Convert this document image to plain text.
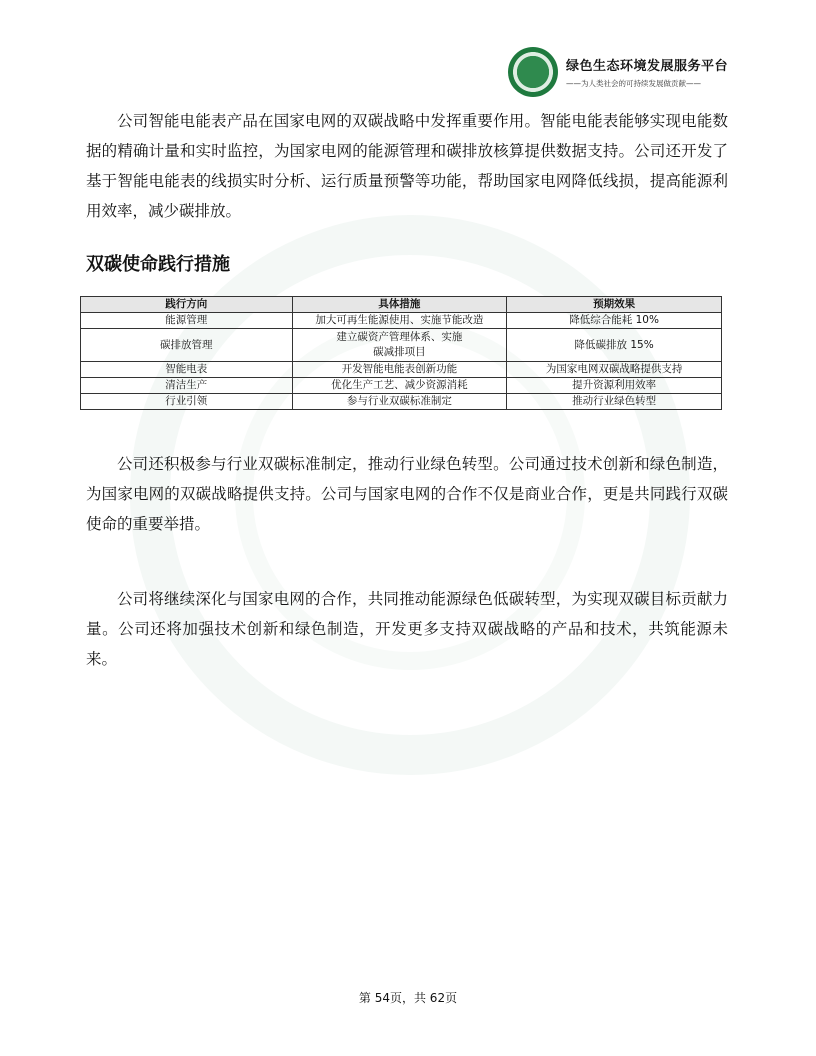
绿色生态环境发展服务平台
——为人类社会的可持续发展做贡献——

公司智能电能表产品在国家电网的双碳战略中发挥重要作用。智能电能表能够实现电能数据的精确计量和实时监控，为国家电网的能源管理和碳排放核算提供数据支持。公司还开发了基于智能电能表的线损实时分析、运行质量预警等功能，帮助国家电网降低线损，提高能源利用效率，减少碳排放。

双碳使命践行措施
践行方向	具体措施	预期效果
能源管理	加大可再生能源使用、实施节能改造	降低综合能耗 10%
碳排放管理	建立碳资产管理体系、实施碳减排项目	降低碳排放 15%
智能电表	开发智能电能表创新功能	为国家电网双碳战略提供支持
清洁生产	优化生产工艺、减少资源消耗	提升资源利用效率
行业引领	参与行业双碳标准制定	推动行业绿色转型

公司还积极参与行业双碳标准制定，推动行业绿色转型。公司通过技术创新和绿色制造，为国家电网的双碳战略提供支持。公司与国家电网的合作不仅是商业合作，更是共同践行双碳使命的重要举措。

公司将继续深化与国家电网的合作，共同推动能源绿色低碳转型，为实现双碳目标贡献力量。公司还将加强技术创新和绿色制造，开发更多支持双碳战略的产品和技术，共筑能源未来。

第 54页，共 62页
